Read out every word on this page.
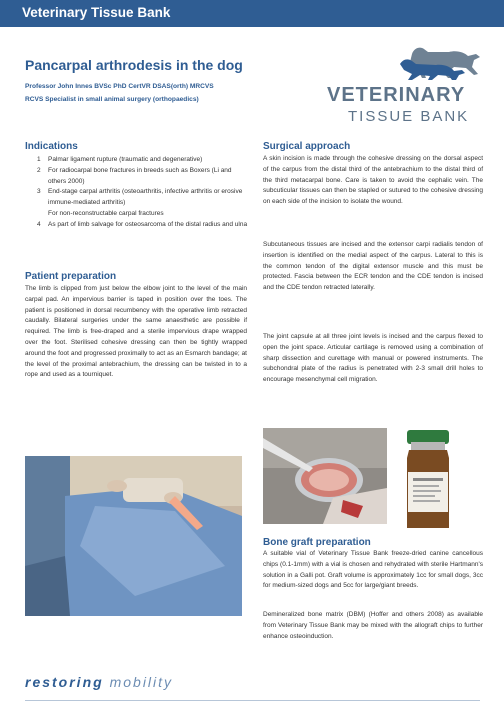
Veterinary Tissue Bank
Pancarpal arthrodesis in the dog
Professor John Innes BVSc PhD CertVR DSAS(orth) MRCVS
RCVS Specialist in small animal surgery (orthopaedics)	VETERINARY
TISSUE BANK
Indications
1 Palmar ligament rupture (traumatic and degenerative)
2 For radiocarpal bone fractures in breeds such as Boxers (Li and others 2000)
3 End-stage carpal arthritis (osteoarthritis, infective arthritis or erosive immune-mediated arthritis)
For non-reconstructable carpal fractures
4 As part of limb salvage for osteosarcoma of the distal radius and ulna
Patient preparation
The limb is clipped from just below the elbow joint to the level of the main carpal pad. An impervious barrier is taped in position over the toes. The patient is positioned in dorsal recumbency with the operative limb retracted caudally. Bilateral surgeries under the same anaesthetic are possible if required. The limb is free-draped and a sterile impervious drape wrapped over the foot. Sterilised cohesive dressing can then be tightly wrapped around the foot and progressed proximally to act as an Esmarch bandage; at the level of the proximal antebrachium, the dressing can be twisted in to a rope and used as a tourniquet.
Surgical approach
A skin incision is made through the cohesive dressing on the dorsal aspect of the carpus from the distal third of the antebrachium to the distal third of the third metacarpal bone. Care is taken to avoid the cephalic vein. The subcuticular tissues can then be stapled or sutured to the cohesive dressing on each side of the incision to isolate the wound.
Subcutaneous tissues are incised and the extensor carpi radialis tendon of insertion is identified on the medial aspect of the carpus. Lateral to this is the common tendon of the digital extensor muscle and this must be protected. Fascia between the ECR tendon and the CDE tendon is incised and the CDE tendon retracted laterally.
The joint capsule at all three joint levels is incised and the carpus flexed to open the joint space. Articular cartilage is removed using a combination of sharp dissection and curettage with manual or powered instruments. The subchondral plate of the radius is penetrated with 2-3 small drill holes to encourage mesenchymal cell migration.
Bone graft preparation
A suitable vial of Veterinary Tissue Bank freeze-dried canine cancellous chips (0.1-1mm) with a vial is chosen and rehydrated with sterile Hartmann's solution in a Galli pot. Graft volume is approximately 1cc for small dogs, 3cc for medium-sized dogs and 5cc for large/giant breeds.
Demineralized bone matrix (DBM) (Hoffer and others 2008) as available from Veterinary Tissue Bank may be mixed with the allograft chips to further enhance osteoinduction.
restoring mobility
